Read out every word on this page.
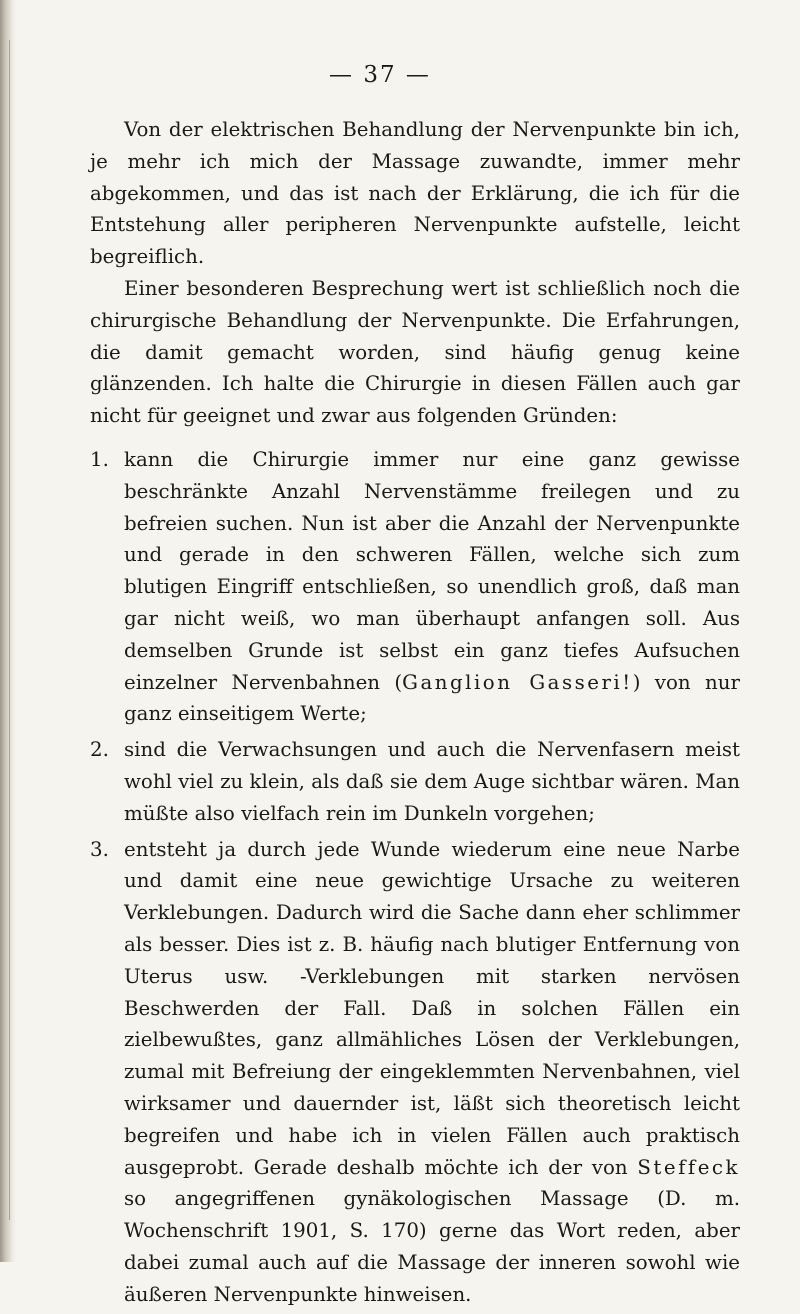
— 37 —

Von der elektrischen Behandlung der Nervenpunkte bin ich, je mehr ich mich der Massage zuwandte, immer mehr abgekommen, und das ist nach der Erklärung, die ich für die Entstehung aller peripheren Nervenpunkte aufstelle, leicht begreiflich.

Einer besonderen Besprechung wert ist schließlich noch die chirurgische Behandlung der Nervenpunkte. Die Erfahrungen, die damit gemacht worden, sind häufig genug keine glänzenden. Ich halte die Chirurgie in diesen Fällen auch gar nicht für geeignet und zwar aus folgenden Gründen:

1. kann die Chirurgie immer nur eine ganz gewisse beschränkte Anzahl Nervenstämme freilegen und zu befreien suchen. Nun ist aber die Anzahl der Nervenpunkte und gerade in den schweren Fällen, welche sich zum blutigen Eingriff entschließen, so unendlich groß, daß man gar nicht weiß, wo man überhaupt anfangen soll. Aus demselben Grunde ist selbst ein ganz tiefes Aufsuchen einzelner Nervenbahnen (Ganglion Gasseri!) von nur ganz einseitigem Werte;
2. sind die Verwachsungen und auch die Nervenfasern meist wohl viel zu klein, als daß sie dem Auge sichtbar wären. Man müßte also vielfach rein im Dunkeln vorgehen;
3. entsteht ja durch jede Wunde wiederum eine neue Narbe und damit eine neue gewichtige Ursache zu weiteren Verklebungen. Dadurch wird die Sache dann eher schlimmer als besser. Dies ist z. B. häufig nach blutiger Entfernung von Uterus usw. -Verklebungen mit starken nervösen Beschwerden der Fall. Daß in solchen Fällen ein zielbewußtes, ganz allmähliches Lösen der Verklebungen, zumal mit Befreiung der eingeklemmten Nervenbahnen, viel wirksamer und dauernder ist, läßt sich theoretisch leicht begreifen und habe ich in vielen Fällen auch praktisch ausgeprobt. Gerade deshalb möchte ich der von Steffeck so angegriffenen gynäkologischen Massage (D. m. Wochenschrift 1901, S. 170) gerne das Wort reden, aber dabei zumal auch auf die Massage der inneren sowohl wie äußeren Nervenpunkte hinweisen.
